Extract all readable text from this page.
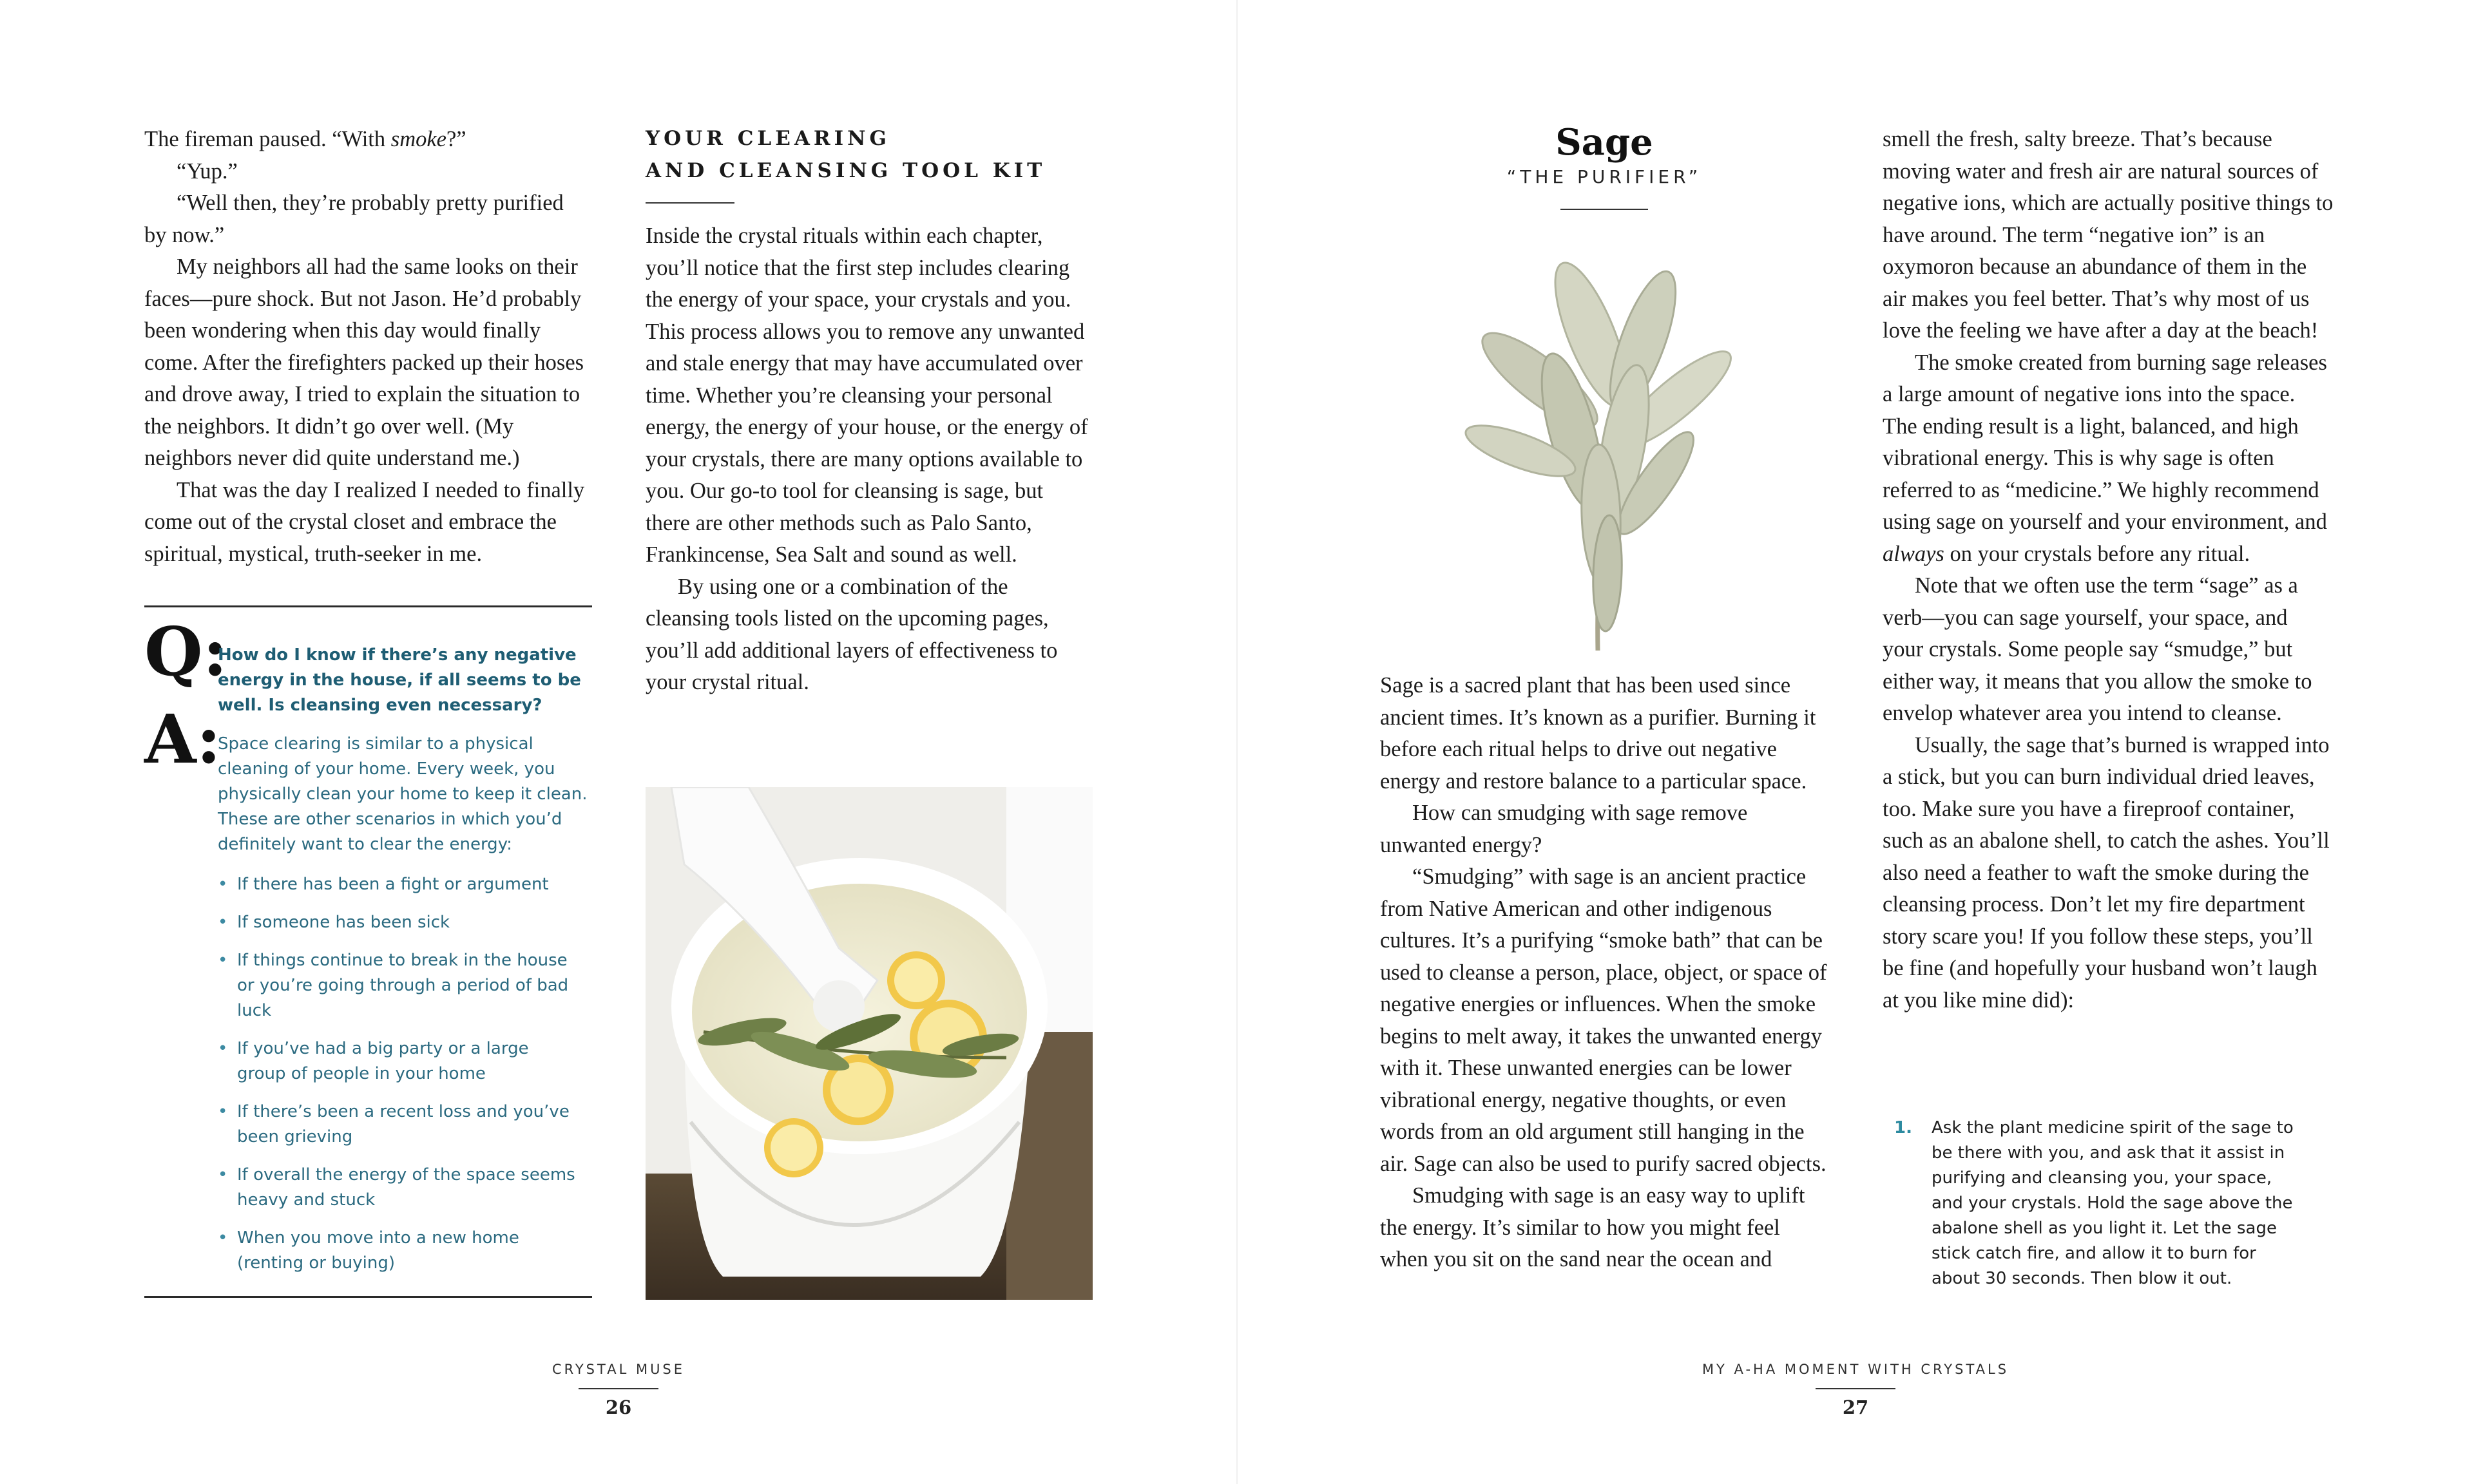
The fireman paused. “With smoke?”

“Yup.”

“Well then, they’re probably pretty purified by now.”

My neighbors all had the same looks on their faces—pure shock. But not Jason. He’d probably been wondering when this day would finally come. After the firefighters packed up their hoses and drove away, I tried to explain the situation to the neighbors. It didn’t go over well. (My neighbors never did quite understand me.)

That was the day I realized I needed to finally come out of the crystal closet and embrace the spiritual, mystical, truth-seeker in me.

Q:
A:
How do I know if there’s any negative energy in the house, if all seems to be well. Is cleansing even necessary?
Space clearing is similar to a physical cleaning of your home. Every week, you physically clean your home to keep it clean. These are other scenarios in which you’d definitely want to clear the energy:
• If there has been a fight or argument
• If someone has been sick
• If things continue to break in the house or you’re going through a period of bad luck
• If you’ve had a big party or a large group of people in your home
• If there’s been a recent loss and you’ve been grieving
• If overall the energy of the space seems heavy and stuck
• When you move into a new home (renting or buying)
YOUR CLEARING
AND CLEANSING TOOL KIT

Inside the crystal rituals within each chapter, you’ll notice that the first step includes clearing the energy of your space, your crystals and you. This process allows you to remove any unwanted and stale energy that may have accumulated over time. Whether you’re cleansing your personal energy, the energy of your house, or the energy of your crystals, there are many options available to you. Our go-to tool for cleansing is sage, but there are other methods such as Palo Santo, Frankincense, Sea Salt and sound as well.

By using one or a combination of the cleansing tools listed on the upcoming pages, you’ll add additional layers of effectiveness to your crystal ritual.

CRYSTAL MUSE
26
Sage
“THE PURIFIER”

Sage is a sacred plant that has been used since ancient times. It’s known as a purifier. Burning it before each ritual helps to drive out negative energy and restore balance to a particular space.

How can smudging with sage remove unwanted energy?

“Smudging” with sage is an ancient practice from Native American and other indigenous cultures. It’s a purifying “smoke bath” that can be used to cleanse a person, place, object, or space of negative energies or influences. When the smoke begins to melt away, it takes the unwanted energy with it. These unwanted energies can be lower vibrational energy, negative thoughts, or even words from an old argument still hanging in the air. Sage can also be used to purify sacred objects.

Smudging with sage is an easy way to uplift the energy. It’s similar to how you might feel when you sit on the sand near the ocean and

smell the fresh, salty breeze. That’s because moving water and fresh air are natural sources of negative ions, which are actually positive things to have around. The term “negative ion” is an oxymoron because an abundance of them in the air makes you feel better. That’s why most of us love the feeling we have after a day at the beach!

The smoke created from burning sage releases a large amount of negative ions into the space. The ending result is a light, balanced, and high vibrational energy. This is why sage is often referred to as “medicine.” We highly recommend using sage on yourself and your environment, and always on your crystals before any ritual.

Note that we often use the term “sage” as a verb—you can sage yourself, your space, and your crystals. Some people say “smudge,” but either way, it means that you allow the smoke to envelop whatever area you intend to cleanse.

Usually, the sage that’s burned is wrapped into a stick, but you can burn individual dried leaves, too. Make sure you have a fireproof container, such as an abalone shell, to catch the ashes. You’ll also need a feather to waft the smoke during the cleansing process. Don’t let my fire department story scare you! If you follow these steps, you’ll be fine (and hopefully your husband won’t laugh at you like mine did):

1. Ask the plant medicine spirit of the sage to be there with you, and ask that it assist in purifying and cleansing you, your space, and your crystals. Hold the sage above the abalone shell as you light it. Let the sage stick catch fire, and allow it to burn for about 30 seconds. Then blow it out.
MY A-HA MOMENT WITH CRYSTALS
27
